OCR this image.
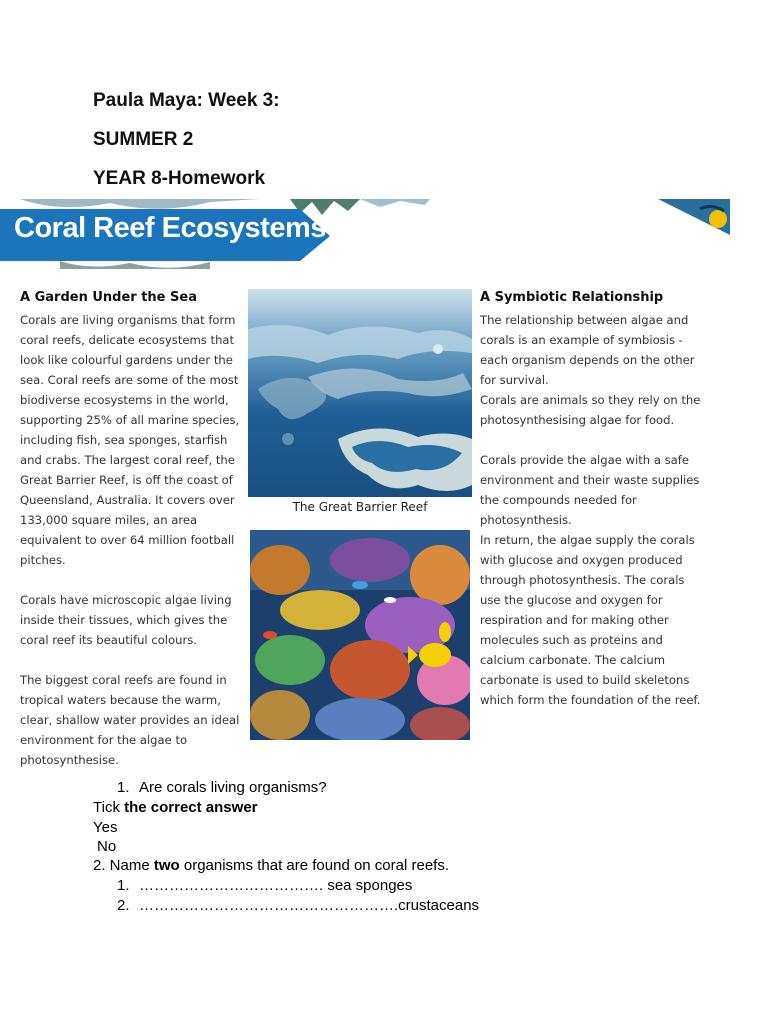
Paula Maya: Week 3:
SUMMER 2
YEAR 8-Homework
Coral Reef Ecosystems
A Garden Under the Sea

Corals are living organisms that form coral reefs, delicate ecosystems that look like colourful gardens under the sea. Coral reefs are some of the most biodiverse ecosystems in the world, supporting 25% of all marine species, including fish, sea sponges, starfish and crabs. The largest coral reef, the Great Barrier Reef, is off the coast of Queensland, Australia. It covers over 133,000 square miles, an area equivalent to over 64 million football pitches.

Corals have microscopic algae living inside their tissues, which gives the coral reef its beautiful colours.

The biggest coral reefs are found in tropical waters because the warm, clear, shallow water provides an ideal environment for the algae to photosynthesise.

The Great Barrier Reef
A Symbiotic Relationship

The relationship between algae and corals is an example of symbiosis - each organism depends on the other for survival.

Corals are animals so they rely on the photosynthesising algae for food.

Corals provide the algae with a safe environment and their waste supplies the compounds needed for photosynthesis.

In return, the algae supply the corals with glucose and oxygen produced through photosynthesis. The corals use the glucose and oxygen for respiration and for making other molecules such as proteins and calcium carbonate. The calcium carbonate is used to build skeletons which form the foundation of the reef.

1. Are corals living organisms?
Tick the correct answer
Yes
No
2. Name two organisms that are found on coral reefs.
1. ………………………………. sea sponges
2. …………………………………………….crustaceans
